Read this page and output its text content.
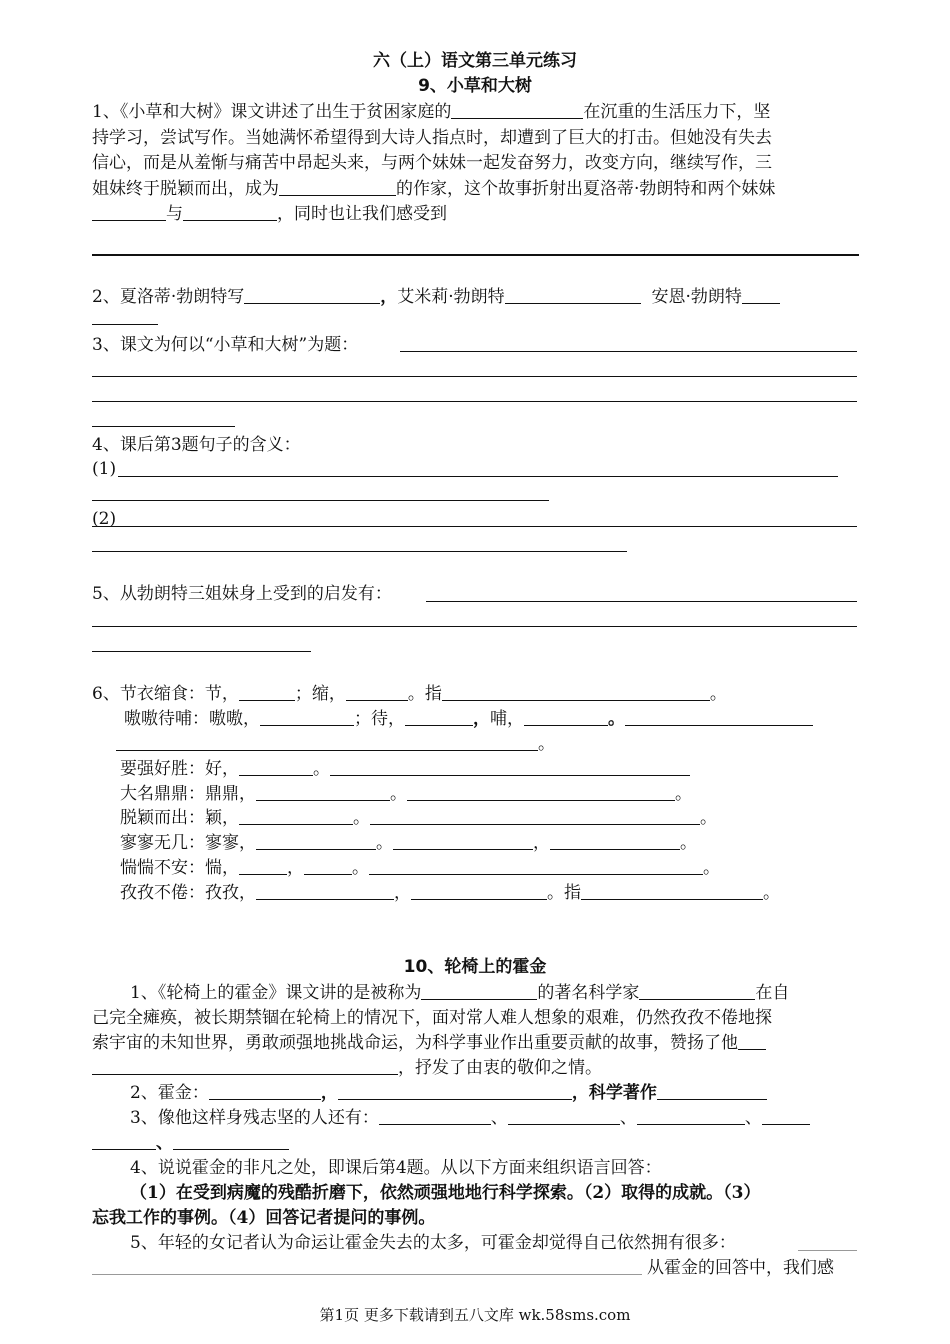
六（上）语文第三单元练习
9、小草和大树
1、《小草和大树》课文讲述了出生于贫困家庭的	在沉重的生活压力下，坚
持学习，尝试写作。当她满怀希望得到大诗人指点时，却遭到了巨大的打击。但她没有失去
信心，而是从羞惭与痛苦中昂起头来，与两个妹妹一起发奋努力，改变方向，继续写作，三
姐妹终于脱颖而出，成为	的作家，这个故事折射出夏洛蒂·勃朗特和两个妹妹
与	，同时也让我们感受到
2、夏洛蒂·勃朗特写	，艾米莉·勃朗特	安恩·勃朗特
3、课文为何以“小草和大树”为题：
4、课后第3题句子的含义：
(1)
(2)
5、从勃朗特三姐妹身上受到的启发有：
6、节衣缩食：节，	；缩，	。指	。
嗷嗷待哺：嗷嗷，	；待，	，哺，	。
。
要强好胜：好，	。
大名鼎鼎：鼎鼎，	。	。
脱颖而出：颖，	。	。
寥寥无几：寥寥，	。	，	。
惴惴不安：惴，	，	。	。
孜孜不倦：孜孜，	，	。指	。
10、轮椅上的霍金
1、《轮椅上的霍金》课文讲的是被称为	的著名科学家	在自
己完全瘫痪，被长期禁锢在轮椅上的情况下，面对常人难人想象的艰难，仍然孜孜不倦地探
索宇宙的未知世界，勇敢顽强地挑战命运，为科学事业作出重要贡献的故事，赞扬了他
，抒发了由衷的敬仰之情。
2、霍金：	，	，科学著作
3、像他这样身残志坚的人还有：	、	、	、
、
4、说说霍金的非凡之处，即课后第4题。从以下方面来组织语言回答：
（1）在受到病魔的残酷折磨下，依然顽强地地行科学探索。（2）取得的成就。（3）
忘我工作的事例。（4）回答记者提问的事例。
5、年轻的女记者认为命运让霍金失去的太多，可霍金却觉得自己依然拥有很多：
从霍金的回答中，我们感
第1页 更多下载请到五八文库 wk.58sms.com
